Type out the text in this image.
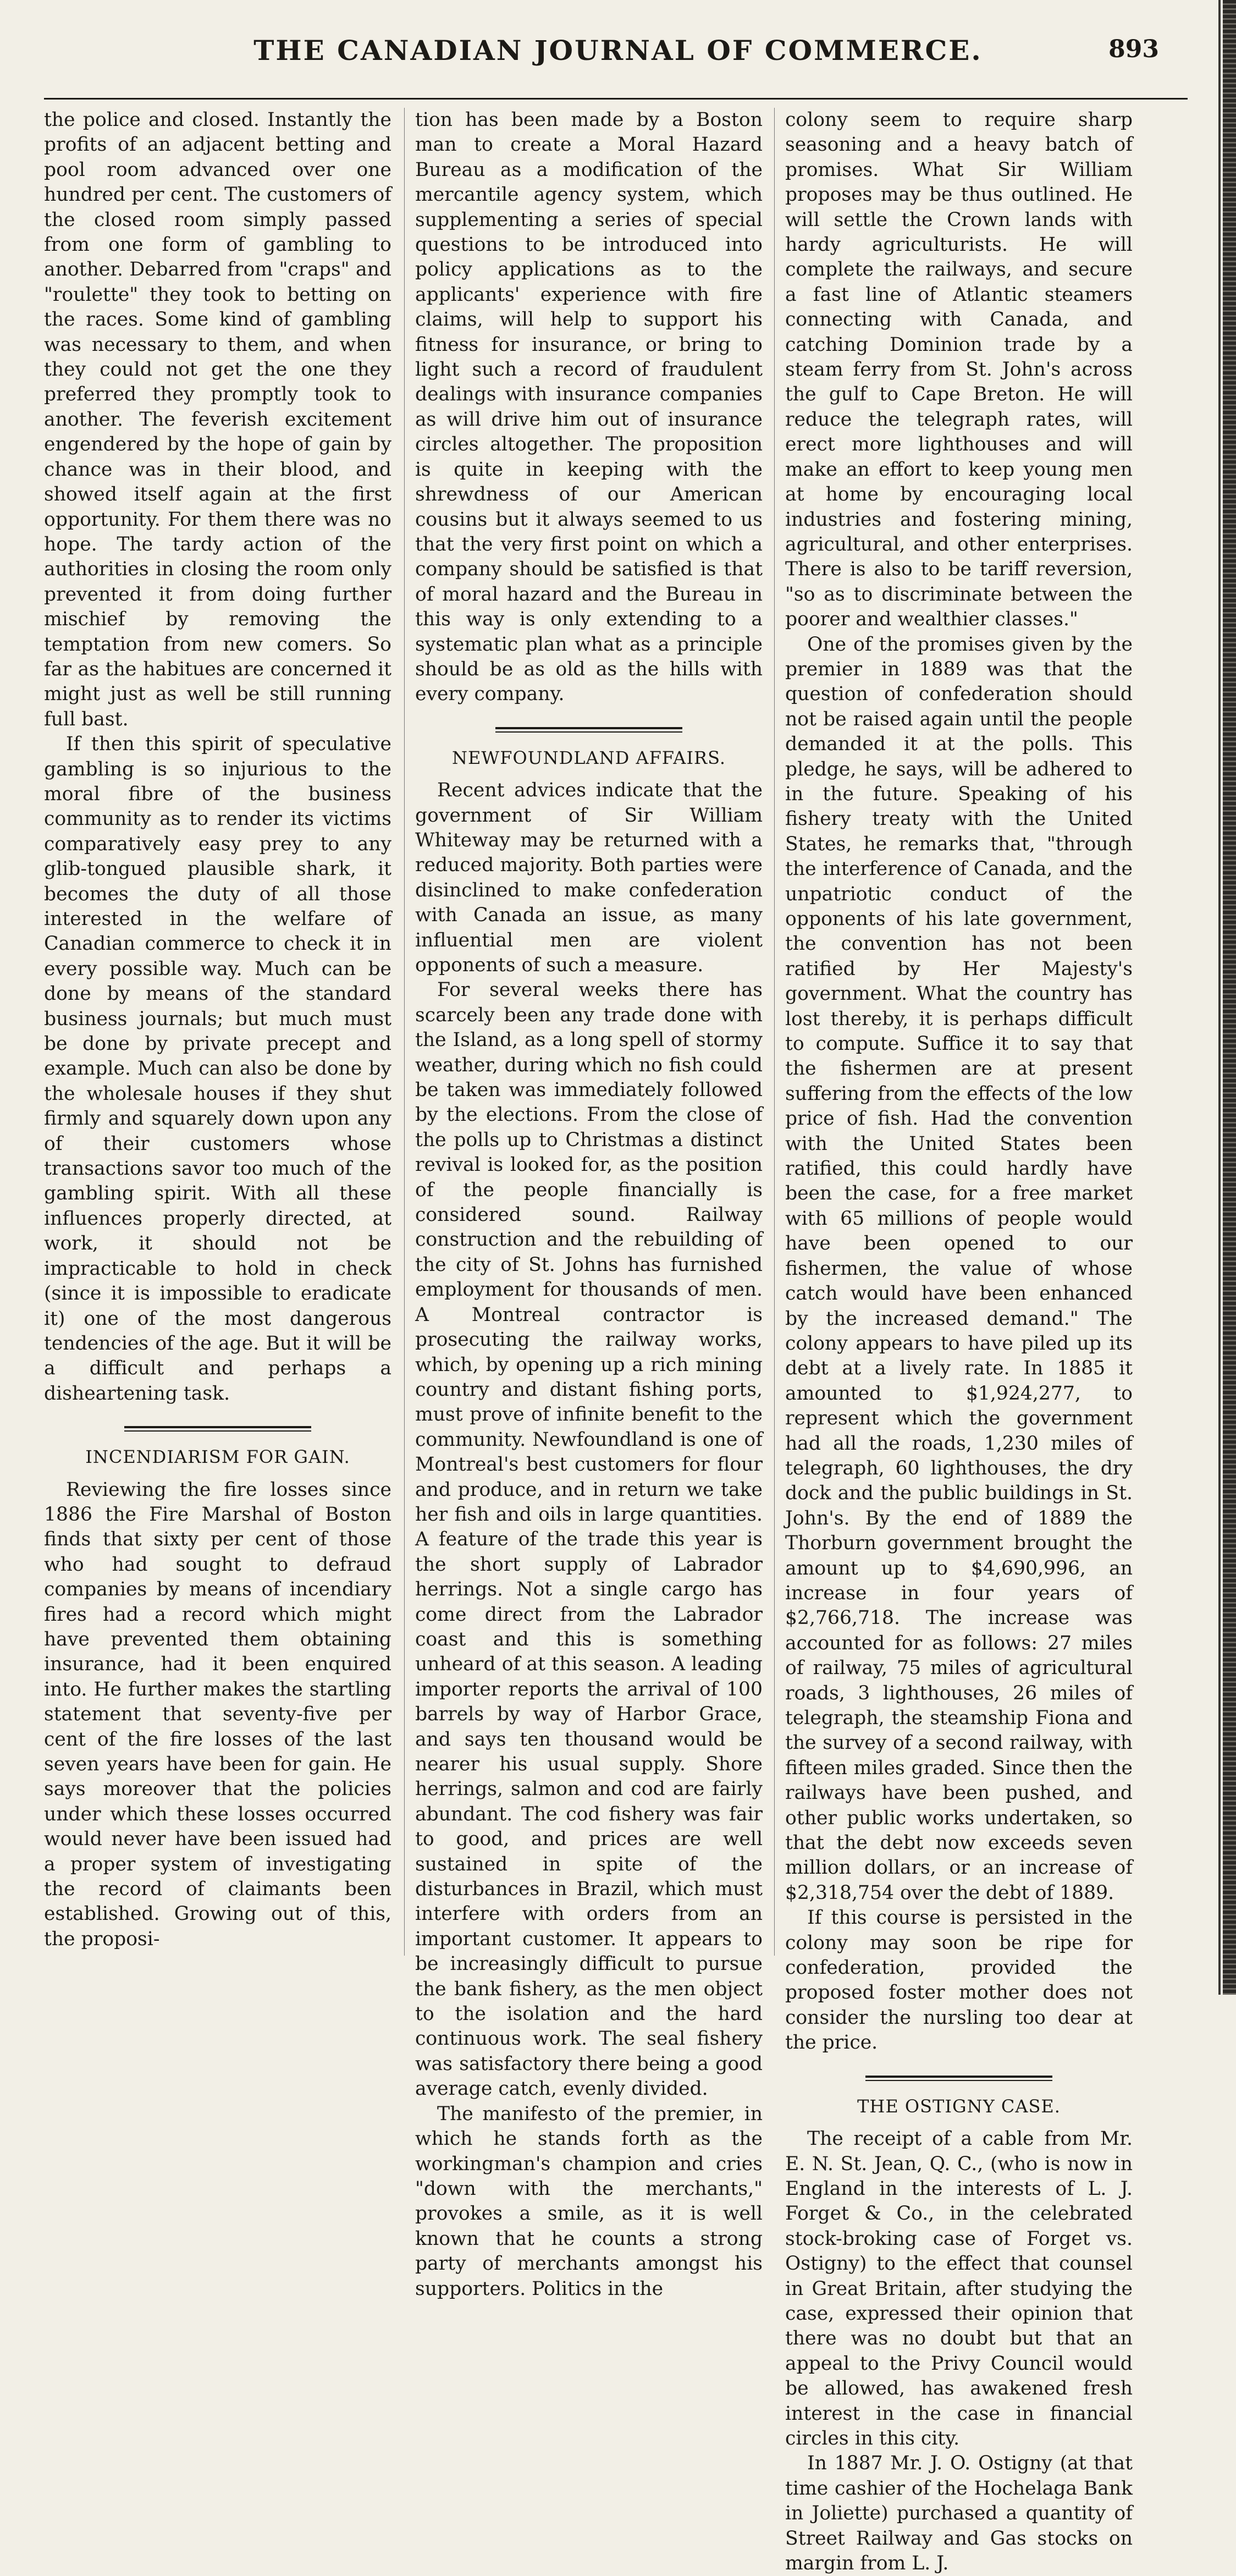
THE CANADIAN JOURNAL OF COMMERCE.	893

the police and closed. Instantly the profits of an adjacent betting and pool room advanced over one hundred per cent. The customers of the closed room simply passed from one form of gambling to another. Debarred from "craps" and "roulette" they took to betting on the races. Some kind of gambling was necessary to them, and when they could not get the one they preferred they promptly took to another. The feverish excitement engendered by the hope of gain by chance was in their blood, and showed itself again at the first opportunity. For them there was no hope. The tardy action of the authorities in closing the room only prevented it from doing further mischief by removing the temptation from new comers. So far as the habitues are concerned it might just as well be still running full bast.

If then this spirit of speculative gambling is so injurious to the moral fibre of the business community as to render its victims comparatively easy prey to any glib-tongued plausible shark, it becomes the duty of all those interested in the welfare of Canadian commerce to check it in every possible way. Much can be done by means of the standard business journals; but much must be done by private precept and example. Much can also be done by the wholesale houses if they shut firmly and squarely down upon any of their customers whose transactions savor too much of the gambling spirit. With all these influences properly directed, at work, it should not be impracticable to hold in check (since it is impossible to eradicate it) one of the most dangerous tendencies of the age. But it will be a difficult and perhaps a disheartening task.

INCENDIARISM FOR GAIN.

Reviewing the fire losses since 1886 the Fire Marshal of Boston finds that sixty per cent of those who had sought to defraud companies by means of incendiary fires had a record which might have prevented them obtaining insurance, had it been enquired into. He further makes the startling statement that seventy-five per cent of the fire losses of the last seven years have been for gain. He says moreover that the policies under which these losses occurred would never have been issued had a proper system of investigating the record of claimants been established. Growing out of this, the proposi-

tion has been made by a Boston man to create a Moral Hazard Bureau as a modification of the mercantile agency system, which supplementing a series of special questions to be introduced into policy applications as to the applicants' experience with fire claims, will help to support his fitness for insurance, or bring to light such a record of fraudulent dealings with insurance companies as will drive him out of insurance circles altogether. The proposition is quite in keeping with the shrewdness of our American cousins but it always seemed to us that the very first point on which a company should be satisfied is that of moral hazard and the Bureau in this way is only extending to a systematic plan what as a principle should be as old as the hills with every company.

NEWFOUNDLAND AFFAIRS.

Recent advices indicate that the government of Sir William Whiteway may be returned with a reduced majority. Both parties were disinclined to make confederation with Canada an issue, as many influential men are violent opponents of such a measure.

For several weeks there has scarcely been any trade done with the Island, as a long spell of stormy weather, during which no fish could be taken was immediately followed by the elections. From the close of the polls up to Christmas a distinct revival is looked for, as the position of the people financially is considered sound. Railway construction and the rebuilding of the city of St. Johns has furnished employment for thousands of men. A Montreal contractor is prosecuting the railway works, which, by opening up a rich mining country and distant fishing ports, must prove of infinite benefit to the community. Newfoundland is one of Montreal's best customers for flour and produce, and in return we take her fish and oils in large quantities. A feature of the trade this year is the short supply of Labrador herrings. Not a single cargo has come direct from the Labrador coast and this is something unheard of at this season. A leading importer reports the arrival of 100 barrels by way of Harbor Grace, and says ten thousand would be nearer his usual supply. Shore herrings, salmon and cod are fairly abundant. The cod fishery was fair to good, and prices are well sustained in spite of the disturbances in Brazil, which must interfere with orders from an important customer. It appears to be increasingly difficult to pursue the bank fishery, as the men object to the isolation and the hard continuous work. The seal fishery was satisfactory there being a good average catch, evenly divided.

The manifesto of the premier, in which he stands forth as the workingman's champion and cries "down with the merchants," provokes a smile, as it is well known that he counts a strong party of merchants amongst his supporters. Politics in the

colony seem to require sharp seasoning and a heavy batch of promises. What Sir William proposes may be thus outlined. He will settle the Crown lands with hardy agriculturists. He will complete the railways, and secure a fast line of Atlantic steamers connecting with Canada, and catching Dominion trade by a steam ferry from St. John's across the gulf to Cape Breton. He will reduce the telegraph rates, will erect more lighthouses and will make an effort to keep young men at home by encouraging local industries and fostering mining, agricultural, and other enterprises. There is also to be tariff reversion, "so as to discriminate between the poorer and wealthier classes."

One of the promises given by the premier in 1889 was that the question of confederation should not be raised again until the people demanded it at the polls. This pledge, he says, will be adhered to in the future. Speaking of his fishery treaty with the United States, he remarks that, "through the interference of Canada, and the unpatriotic conduct of the opponents of his late government, the convention has not been ratified by Her Majesty's government. What the country has lost thereby, it is perhaps difficult to compute. Suffice it to say that the fishermen are at present suffering from the effects of the low price of fish. Had the convention with the United States been ratified, this could hardly have been the case, for a free market with 65 millions of people would have been opened to our fishermen, the value of whose catch would have been enhanced by the increased demand." The colony appears to have piled up its debt at a lively rate. In 1885 it amounted to $1,924,277, to represent which the government had all the roads, 1,230 miles of telegraph, 60 lighthouses, the dry dock and the public buildings in St. John's. By the end of 1889 the Thorburn government brought the amount up to $4,690,996, an increase in four years of $2,766,718. The increase was accounted for as follows: 27 miles of railway, 75 miles of agricultural roads, 3 lighthouses, 26 miles of telegraph, the steamship Fiona and the survey of a second railway, with fifteen miles graded. Since then the railways have been pushed, and other public works undertaken, so that the debt now exceeds seven million dollars, or an increase of $2,318,754 over the debt of 1889.

If this course is persisted in the colony may soon be ripe for confederation, provided the proposed foster mother does not consider the nursling too dear at the price.

THE OSTIGNY CASE.

The receipt of a cable from Mr. E. N. St. Jean, Q. C., (who is now in England in the interests of L. J. Forget & Co., in the celebrated stock-broking case of Forget vs. Ostigny) to the effect that counsel in Great Britain, after studying the case, expressed their opinion that there was no doubt but that an appeal to the Privy Council would be allowed, has awakened fresh interest in the case in financial circles in this city.

In 1887 Mr. J. O. Ostigny (at that time cashier of the Hochelaga Bank in Joliette) purchased a quantity of Street Railway and Gas stocks on margin from L. J.
